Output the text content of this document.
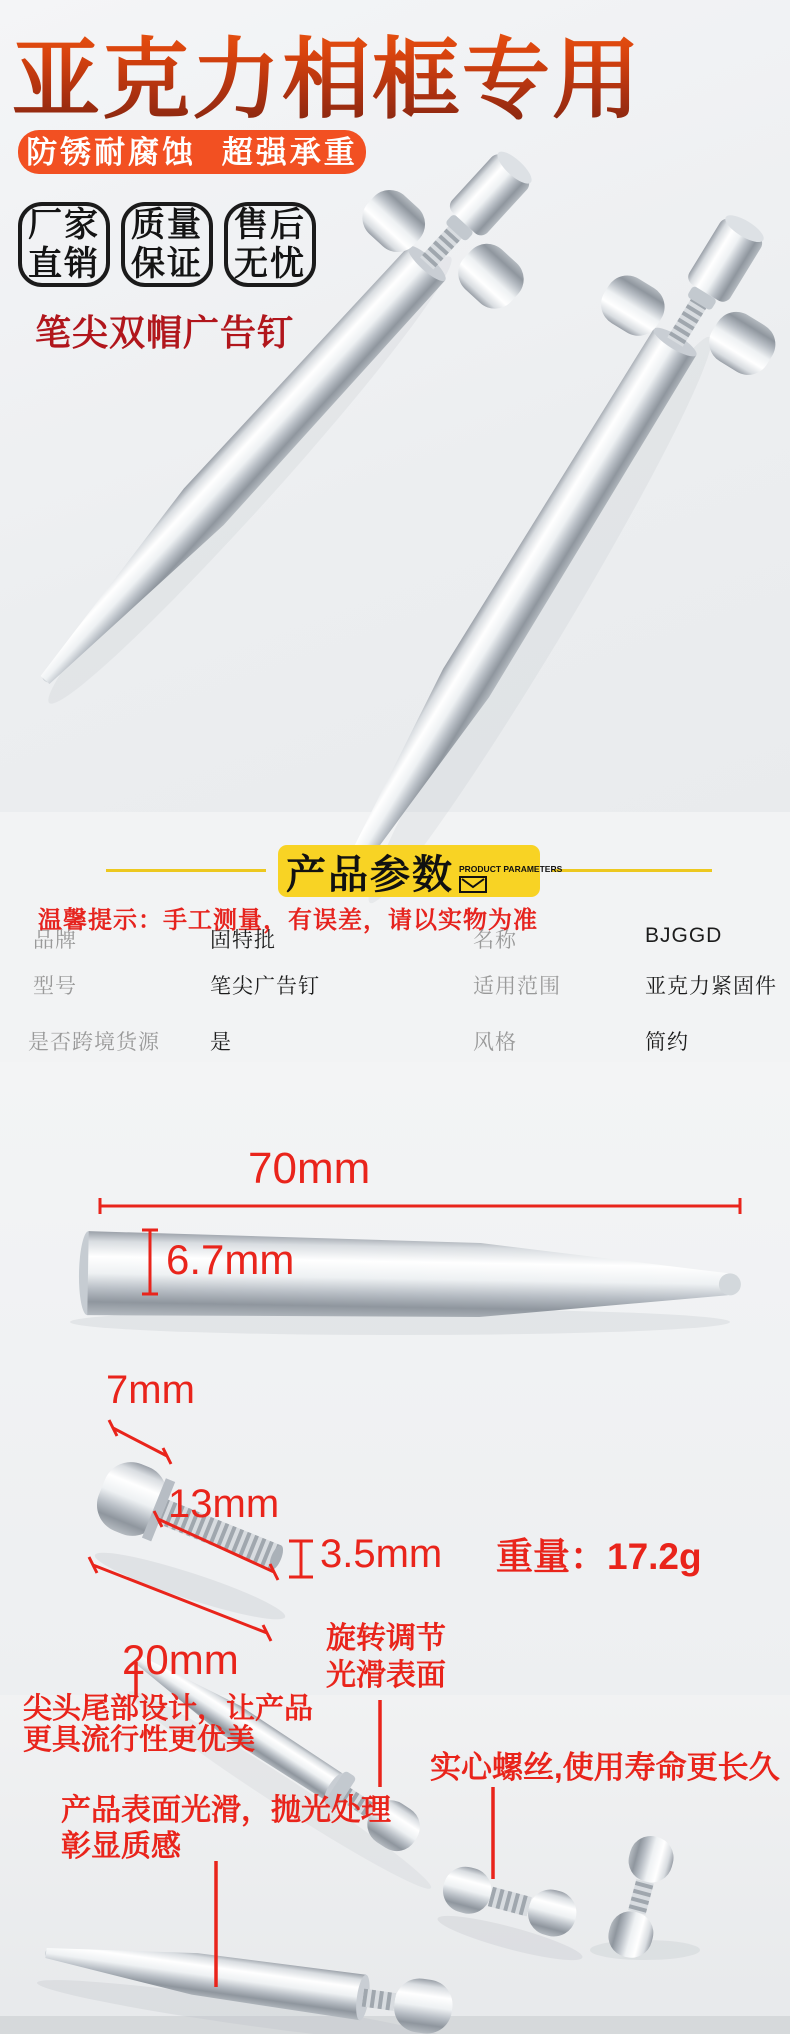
亚克力相框专用
防锈耐腐蚀 超强承重
厂家
直销
质量
保证
售后
无忧
笔尖双帽广告钉
产品参数 PRODUCT PARAMETERS
温馨提示：手工测量，有误差，请以实物为准
品牌	固特批	名称	BJGGD
型号	笔尖广告钉	适用范围	亚克力紧固件
是否跨境货源 是	风格	简约
70mm
6.7mm
7mm
13mm
3.5mm
20mm
重量：17.2g
旋转调节
光滑表面
尖头尾部设计，让产品
更具流行性更优美
实心螺丝,使用寿命更长久
产品表面光滑，抛光处理
彰显质感
